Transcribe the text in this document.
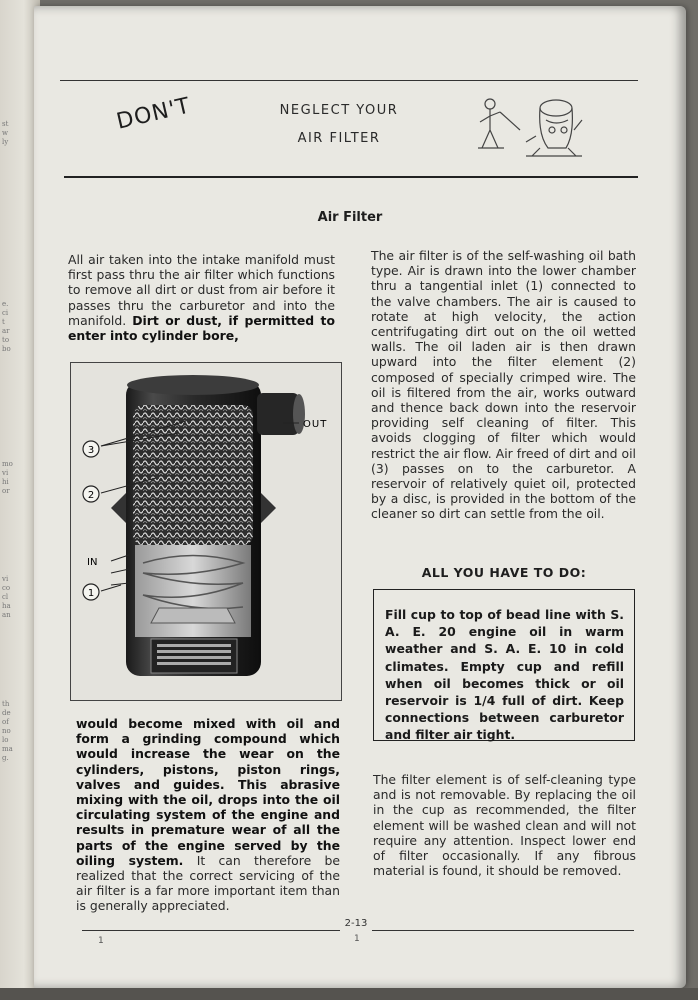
st
w
ly
e.
ci
t
ar
to
bo
mo
vi
hi
or
vi
co
cl
ha
an
th
de
of
no
lo
ma
g.
DON'T	NEGLECT YOUR
AIR FILTER
Air Filter
All air taken into the intake manifold must first pass thru the air filter which functions to remove all dirt or dust from air before it passes thru the carburetor and into the manifold. Dirt or dust, if permitted to enter into cylinder bore,
3
2
1
OUT
IN
would become mixed with oil and form a grinding compound which would increase the wear on the cylinders, pistons, piston rings, valves and guides. This abrasive mixing with the oil, drops into the oil circulating system of the engine and results in premature wear of all the parts of the engine served by the oiling system. It can therefore be realized that the correct servicing of the air filter is a far more important item than is generally appreciated.
The air filter is of the self-washing oil bath type. Air is drawn into the lower chamber thru a tangential inlet (1) connected to the valve chambers. The air is caused to rotate at high velocity, the action centrifugating dirt out on the oil wetted walls. The oil laden air is then drawn upward into the filter element (2) composed of specially crimped wire. The oil is filtered from the air, works outward and thence back down into the reservoir providing self cleaning of filter. This avoids clogging of filter which would restrict the air flow. Air freed of dirt and oil (3) passes on to the carburetor. A reservoir of relatively quiet oil, protected by a disc, is provided in the bottom of the cleaner so dirt can settle from the oil.
ALL YOU HAVE TO DO:
Fill cup to top of bead line with S. A. E. 20 engine oil in warm weather and S. A. E. 10 in cold climates. Empty cup and refill when oil becomes thick or oil reservoir is 1/4 full of dirt. Keep connections between carburetor and filter air tight.
The filter element is of self-cleaning type and is not removable. By replacing the oil in the cup as recommended, the filter element will be washed clean and will not require any attention. Inspect lower end of filter occasionally. If any fibrous material is found, it should be removed.
2-13
1	1
